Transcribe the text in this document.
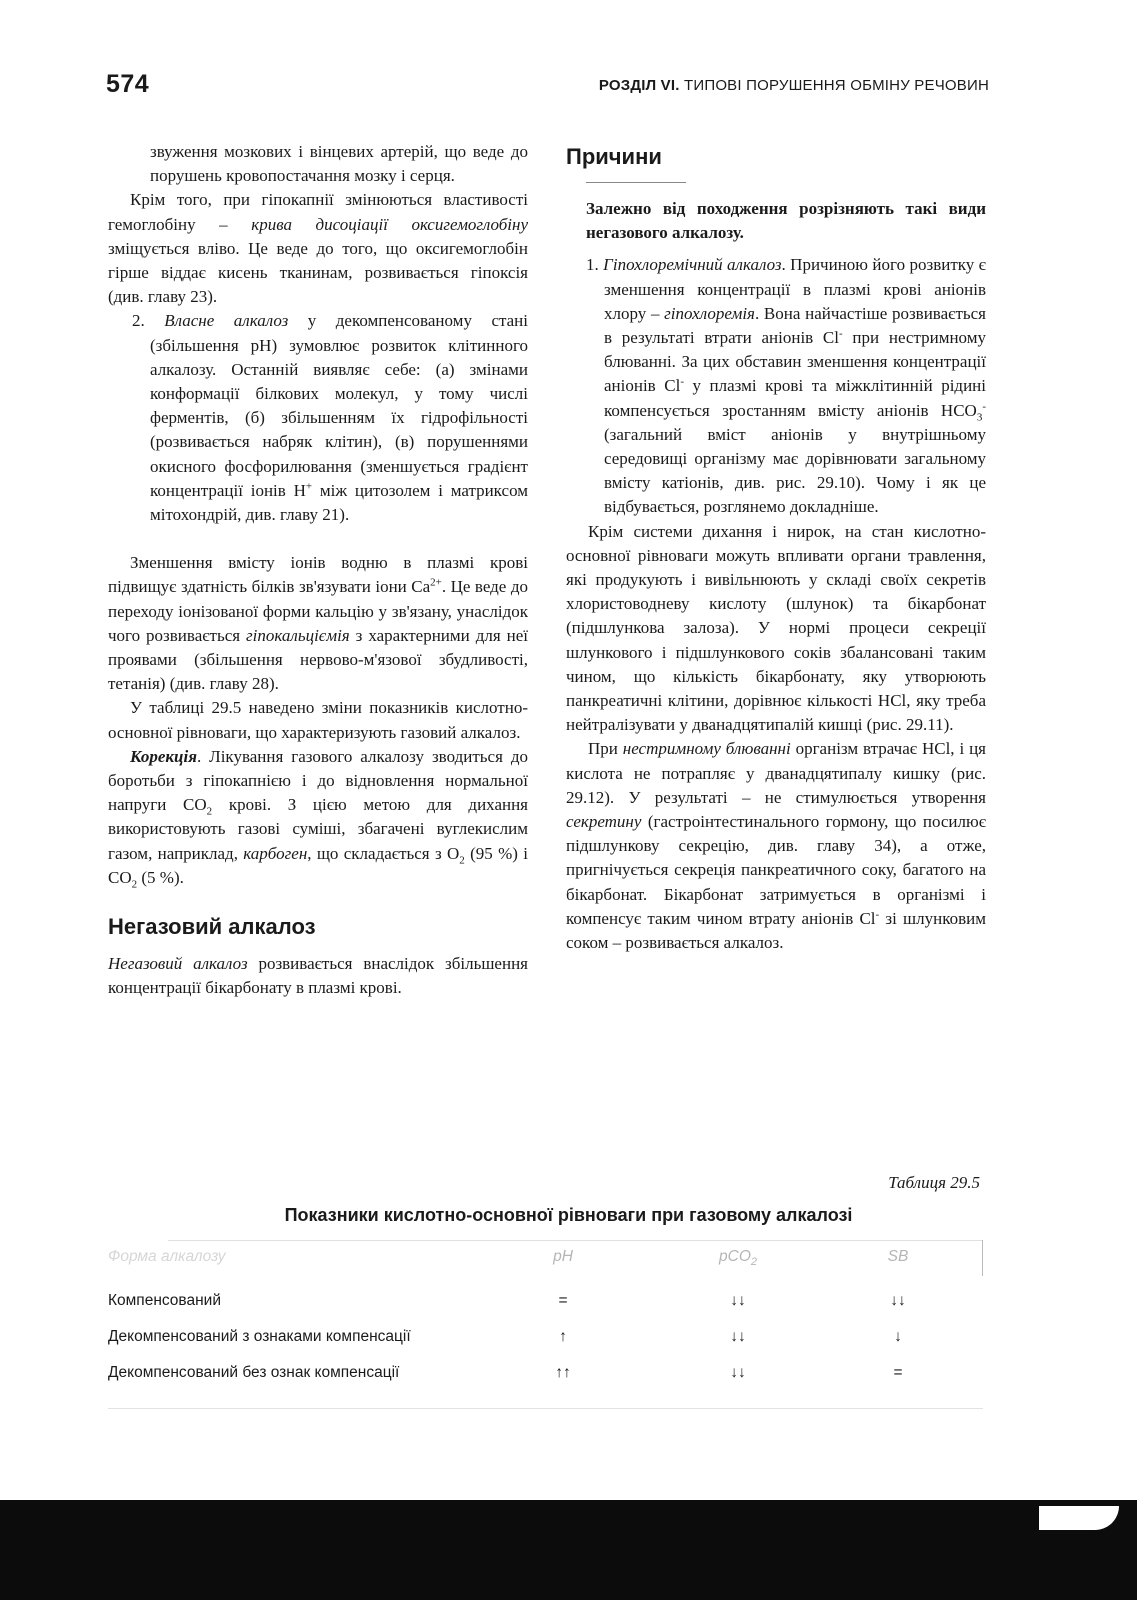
574	РОЗДІЛ VI. ТИПОВІ ПОРУШЕННЯ ОБМІНУ РЕЧОВИН

звуження мозкових і вінцевих артерій, що веде до порушень кровопостачання мозку і серця.

Крім того, при гіпокапнії змінюються властивості гемоглобіну – крива дисоціації оксигемоглобіну зміщується вліво. Це веде до того, що оксигемоглобін гірше віддає кисень тканинам, розвивається гіпоксія (див. главу 23).

2. Власне алкалоз у декомпенсованому стані (збільшення pH) зумовлює розвиток клітинного алкалозу. Останній виявляє себе: (а) змінами конформації білкових молекул, у тому числі ферментів, (б) збільшенням їх гідрофільності (розвивається набряк клітин), (в) порушеннями окисного фосфорилювання (зменшується градієнт концентрації іонів H+ між цитозолем і матриксом мітохондрій, див. главу 21).

Зменшення вмісту іонів водню в плазмі крові підвищує здатність білків зв'язувати іони $Ca^{2+}$. Це веде до переходу іонізованої форми кальцію у зв'язану, унаслідок чого розвивається гіпокальціємія з характерними для неї проявами (збільшення нервово-м'язової збудливості, тетанія) (див. главу 28).

У таблиці 29.5 наведено зміни показників кислотно-основної рівноваги, що характеризують газовий алкалоз.

Корекція. Лікування газового алкалозу зводиться до боротьби з гіпокапнією і до відновлення нормальної напруги $CO_2$ крові. З цією метою для дихання використовують газові суміші, збагачені вуглекислим газом, наприклад, карбоген, що складається з $O_2$ (95 %) і $CO_2$ (5 %).

Негазовий алкалоз

Негазовий алкалоз розвивається внаслідок збільшення концентрації бікарбонату в плазмі крові.

Причини

Залежно від походження розрізняють такі види негазового алкалозу.

1. Гіпохлоремічний алкалоз. Причиною його розвитку є зменшення концентрації в плазмі крові аніонів хлору – гіпохлоремія. Вона найчастіше розвивається в результаті втрати аніонів Cl- при нестримному блюванні. За цих обставин зменшення концентрації аніонів Cl- у плазмі крові та міжклітинній рідині компенсується зростанням вмісту аніонів $HCO_3^-$ (загальний вміст аніонів у внутрішньому середовищі організму має дорівнювати загальному вмісту катіонів, див. рис. 29.10). Чому і як це відбувається, розглянемо докладніше.

Крім системи дихання і нирок, на стан кислотно-основної рівноваги можуть впливати органи травлення, які продукують і вивільнюють у складі своїх секретів хлористоводневу кислоту (шлунок) та бікарбонат (підшлункова залоза). У нормі процеси секреції шлункового і підшлункового соків збалансовані таким чином, що кількість бікарбонату, яку утворюють панкреатичні клітини, дорівнює кількості HCl, яку треба нейтралізувати у дванадцятипалій кишці (рис. 29.11).

При нестримному блюванні організм втрачає HCl, і ця кислота не потрапляє у дванадцятипалу кишку (рис. 29.12). У результаті – не стимулюється утворення секретину (гастроінтестинального гормону, що посилює підшлункову секрецію, див. главу 34), а отже, пригнічується секреція панкреатичного соку, багатого на бікарбонат. Бікарбонат затримується в організмі і компенсує таким чином втрату аніонів Cl- зі шлунковим соком – розвивається алкалоз.

Таблиця 29.5
Показники кислотно-основної рівноваги при газовому алкалозі
Форма алкалозу	pH	pCO$_2$	SB
Компенсований	=	↓↓	↓↓
Декомпенсований з ознаками компенсації	↑	↓↓	↓
Декомпенсований без ознак компенсації	↑↑	↓↓	=
